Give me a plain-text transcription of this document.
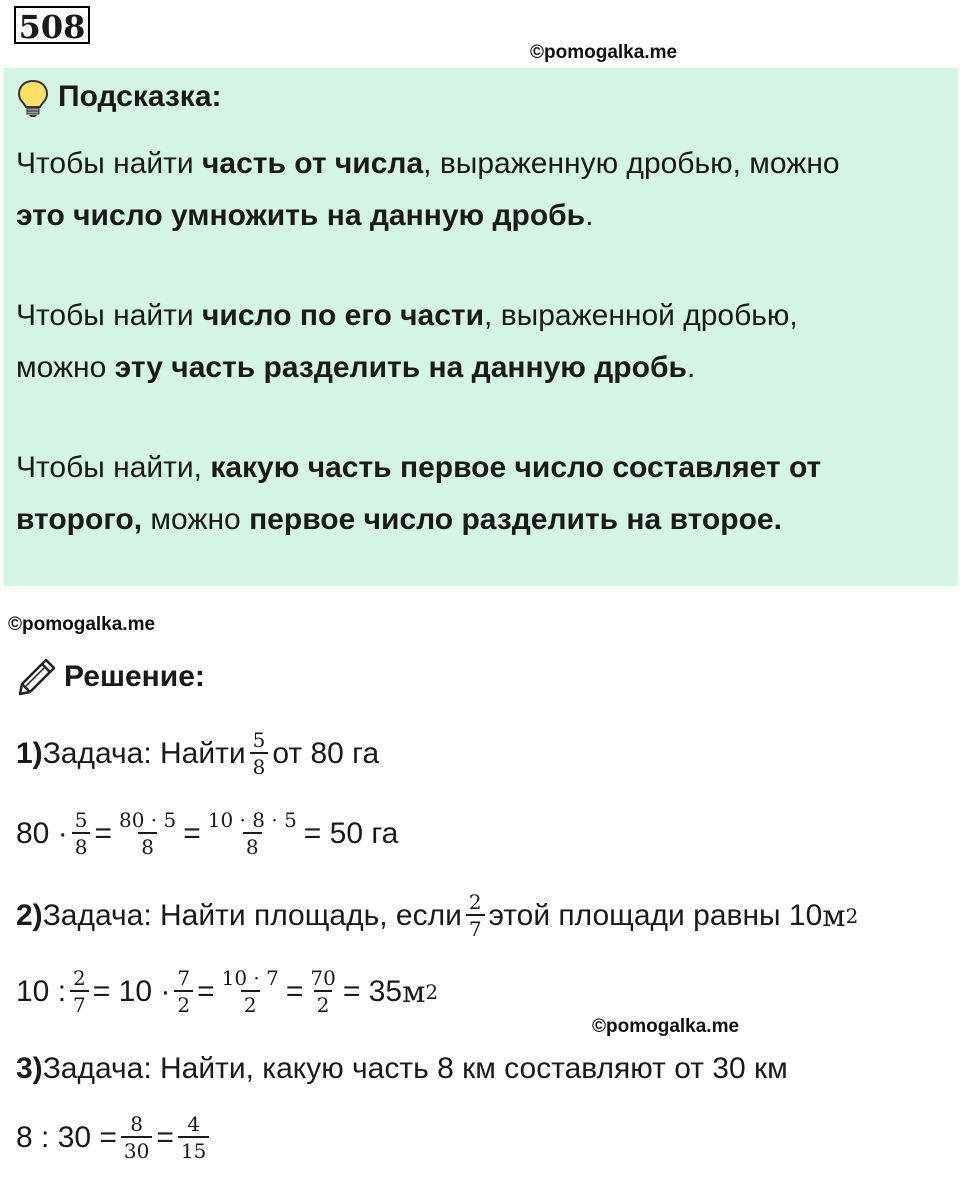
508
©pomogalka.me
Подсказка:
Чтобы найти часть от числа, выраженную дробью, можно
это число умножить на данную дробь.
Чтобы найти число по его части, выраженной дробью,
можно эту часть разделить на данную дробь.
Чтобы найти, какую часть первое число составляет от
второго, можно первое число разделить на второе.
©pomogalka.me
Решение:
1) Задача: Найти $\frac{5}{8}$ от 80 га
$80 \cdot \frac{5}{8} = \frac{80 \cdot 5}{8} = \frac{10 \cdot 8 \cdot 5}{8} = 50$ га
2) Задача: Найти площадь, если $\frac{2}{7}$ этой площади равны 10 м 2
10 : $\frac{2}{7} = 10 \cdot \frac{7}{2} = \frac{10 \cdot 7}{2} = \frac{70}{2} = 35$ м 2
©pomogalka.me
3) Задача: Найти, какую часть 8 км составляют от 30 км
8 : $30 = \frac{8}{30} = \frac{4}{15}$
